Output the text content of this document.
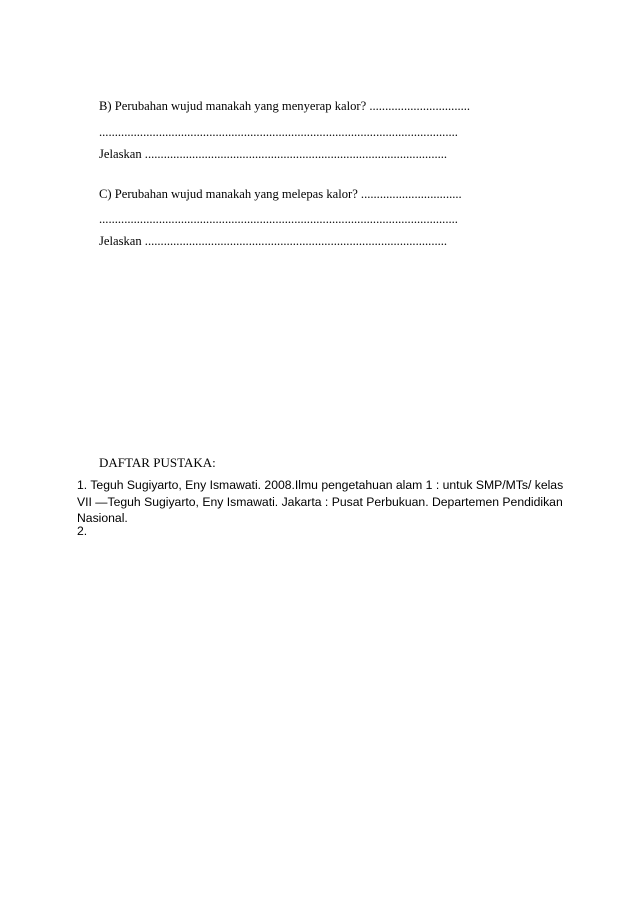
B) Perubahan wujud manakah yang menyerap kalor? ................................
..................................................................................................................
Jelaskan ................................................................................................
C) Perubahan wujud manakah yang melepas kalor? ................................
..................................................................................................................
Jelaskan ................................................................................................
DAFTAR PUSTAKA:
1. Teguh Sugiyarto, Eny Ismawati. 2008.Ilmu pengetahuan alam 1 : untuk SMP/MTs/ kelas
VII —Teguh Sugiyarto, Eny Ismawati. Jakarta : Pusat Perbukuan. Departemen Pendidikan
Nasional.
2.
